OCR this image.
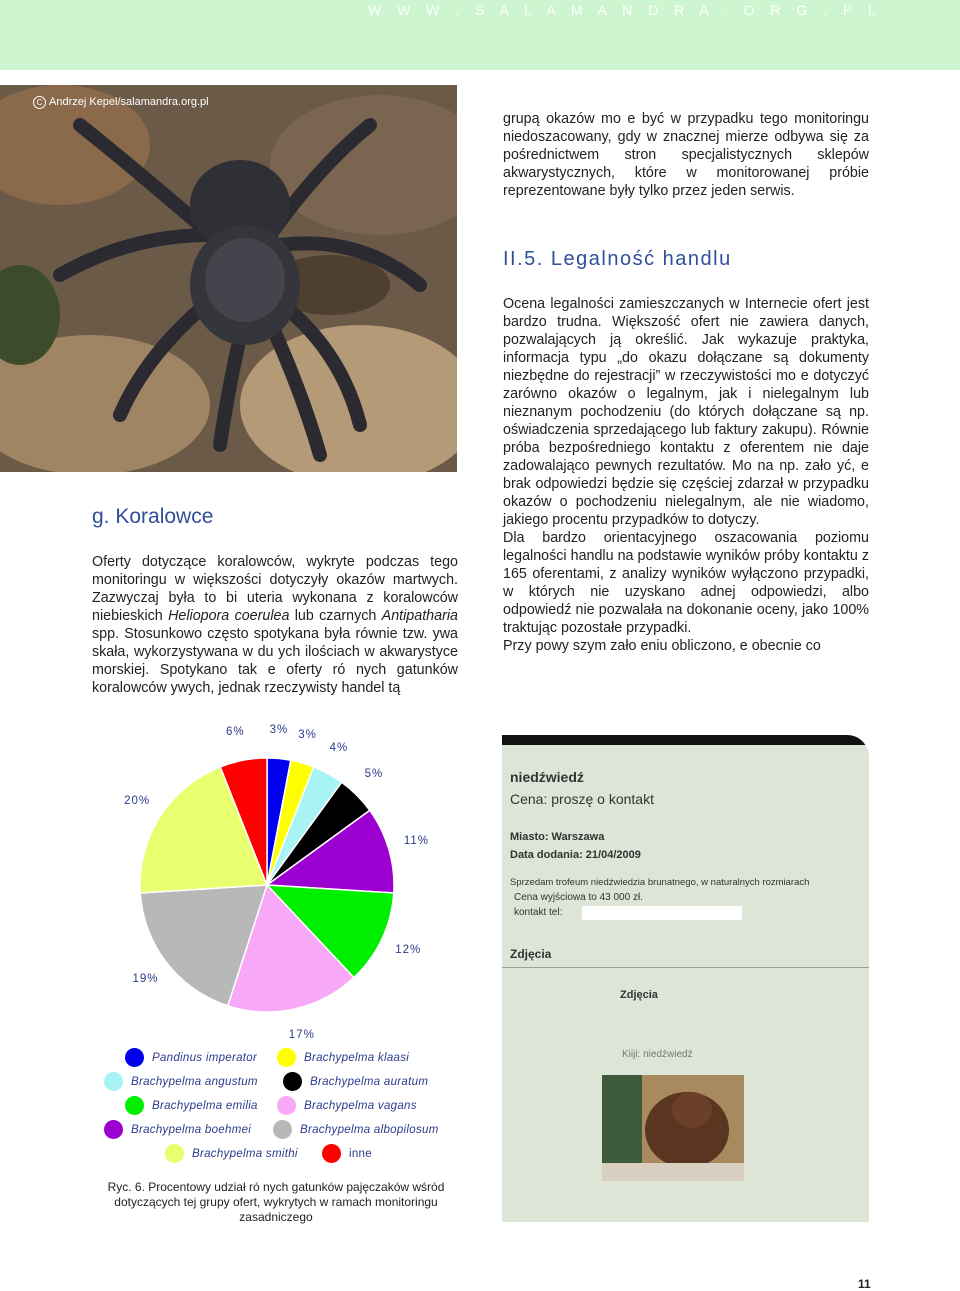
W W W . S A L A M A N D R A . O R G . P L
C Andrzej Kepel/salamandra.org.pl
g. Koralowce

Oferty dotyczące koralowców, wykryte podczas tego monitoringu w większości dotyczyły okazów martwych. Zazwyczaj była to bi uteria wykonana z koralowców niebieskich Heliopora coerulea lub czarnych Antipatharia spp. Stosunkowo często spotykana była równie tzw. ywa skała, wykorzystywana w du ych ilościach w akwarystyce morskiej. Spotykano tak e oferty ró nych gatunków koralowców ywych, jednak rzeczywisty handel tą

grupą okazów mo e być w przypadku tego monitoringu niedoszacowany, gdy w znacznej mierze odbywa się za pośrednictwem stron specjalistycznych sklepów akwarystycznych, które w monitorowanej próbie reprezentowane były tylko przez jeden serwis.

II.5. Legalność handlu

Ocena legalności zamieszczanych w Internecie ofert jest bardzo trudna. Większość ofert nie zawiera danych, pozwalających ją określić. Jak wykazuje praktyka, informacja typu „do okazu dołączane są dokumenty niezbędne do rejestracji” w rzeczywistości mo e dotyczyć zarówno okazów o legalnym, jak i nielegalnym lub nieznanym pochodzeniu (do których dołączane są np. oświadczenia sprzedającego lub faktury zakupu). Równie próba bezpośredniego kontaktu z oferentem nie daje zadowalająco pewnych rezultatów. Mo na np. zało yć, e brak odpowiedzi będzie się częściej zdarzał w przypadku okazów o pochodzeniu nielegalnym, ale nie wiadomo, jakiego procentu przypadków to dotyczy.

Dla bardzo orientacyjnego oszacowania poziomu legalności handlu na podstawie wyników próby kontaktu z 165 oferentami, z analizy wyników wyłączono przypadki, w których nie uzyskano adnej odpowiedzi, albo odpowiedź nie pozwalała na dokonanie oceny, jako 100% traktując pozostałe przypadki.

Przy powy szym zało eniu obliczono, e obecnie co

3% 3%
4%
5%
11%
12%
17%
19%
20%
6%
Pandinus imperator	Brachypelma klaasi
Brachypelma angustum	Brachypelma auratum
Brachypelma emilia	Brachypelma vagans
Brachypelma boehmei	Brachypelma albopilosum
Brachypelma smithi	inne
Ryc. 6. Procentowy udział ró nych gatunków pajęczaków wśród dotyczących tej grupy ofert, wykrytych w ramach monitoringu zasadniczego
niedźwiedź
Cena: proszę o kontakt
Miasto: Warszawa
Data dodania: 21/04/2009
Sprzedam trofeum niedźwiedzia brunatnego, w naturalnych rozmiarach
Cena wyjściowa to 43 000 zł.
kontakt tel:
Zdjęcia
Zdjęcia
Kiiji: niedźwiedź
11
